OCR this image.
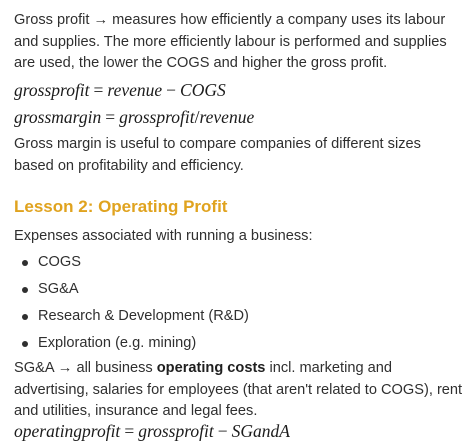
Gross profit → measures how efficiently a company uses its labour and supplies. The more efficiently labour is performed and supplies are used, the lower the COGS and higher the gross profit.

grossprofit = revenue − COGS

grossmargin = grossprofit/revenue

Gross margin is useful to compare companies of different sizes based on profitability and efficiency.

Lesson 2: Operating Profit

Expenses associated with running a business:

COGS
SG&A
Research & Development (R&D)
Exploration (e.g. mining)

SG&A → all business operating costs incl. marketing and advertising, salaries for employees (that aren't related to COGS), rent and utilities, insurance and legal fees.

operatingprofit = grossprofit − SGandA
